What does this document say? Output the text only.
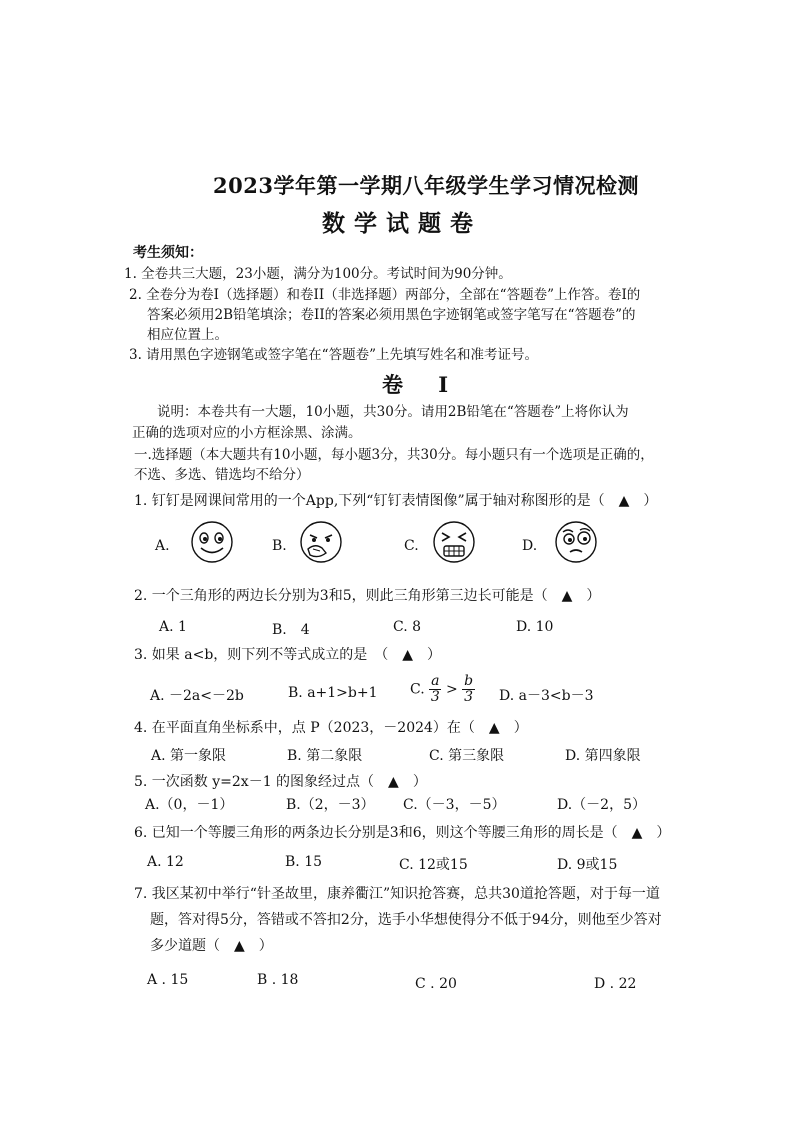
2023学年第一学期八年级学生学习情况检测
数学试题卷
考生须知：
1. 全卷共三大题，23小题，满分为100分。考试时间为90分钟。
2. 全卷分为卷I（选择题）和卷II（非选择题）两部分，全部在“答题卷”上作答。卷I的
答案必须用2B铅笔填涂；卷II的答案必须用黑色字迹钢笔或签字笔写在“答题卷”的
相应位置上。
3. 请用黑色字迹钢笔或签字笔在“答题卷”上先填写姓名和准考证号。
卷 I
说明：本卷共有一大题，10小题，共30分。请用2B铅笔在“答题卷”上将你认为
正确的选项对应的小方框涂黑、涂满。
一.选择题（本大题共有10小题，每小题3分，共30分。每小题只有一个选项是正确的，
不选、多选、错选均不给分）
1. 钉钉是网课间常用的一个App,下列“钉钉表情图像”属于轴对称图形的是（　▲　）
A.	B.	C.	D.
2. 一个三角形的两边长分别为3和5，则此三角形第三边长可能是（　▲　）
A. 1	B.　4	C. 8	D. 10
3. 如果 a<b，则下列不等式成立的是　（　▲　）
A. －2a<－2b	B. a+1>b+1 C. $\frac{a}{3} > \frac{b}{3} D$. a－3<b－3
4. 在平面直角坐标系中，点 P（2023，－2024）在（　▲　）
A. 第一象限	B. 第二象限	C. 第三象限	D. 第四象限
5. 一次函数 y=2x－1 的图象经过点（　▲　）
A.（0，－1）	B.（2，－3） C.（－3，－5）	D.（－2，5）
6. 已知一个等腰三角形的两条边长分别是3和6，则这个等腰三角形的周长是（　▲　）
A. 12	B. 15	C. 12或15	D. 9或15
7. 我区某初中举行“针圣故里，康养衢江”知识抢答赛，总共30道抢答题，对于每一道
题，答对得5分，答错或不答扣2分，选手小华想使得分不低于94分，则他至少答对
多少道题（　▲　）
A . 15	B . 18	C . 20	D . 22
